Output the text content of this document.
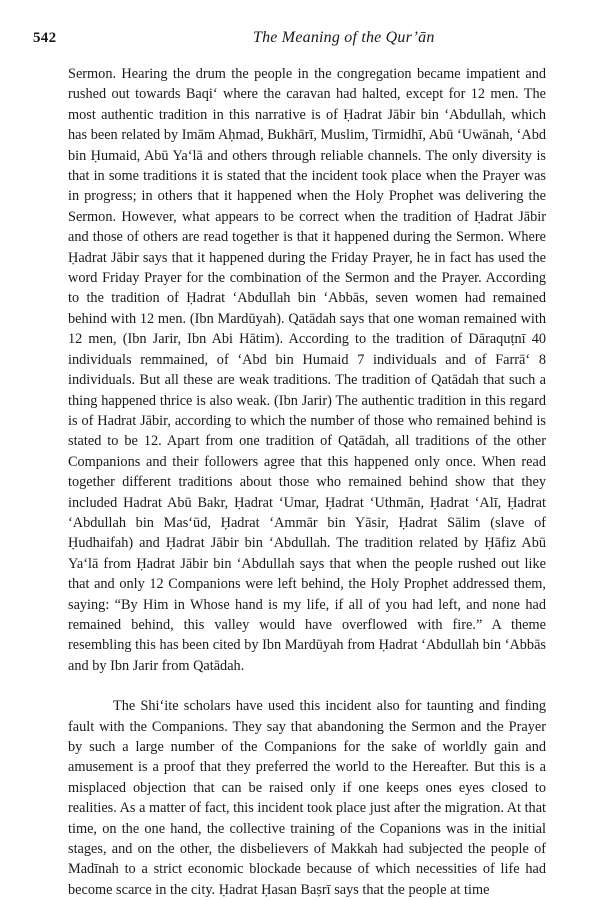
542	The Meaning of the Qur’ān

Sermon. Hearing the drum the people in the congregation became impatient and rushed out towards Baqi‘ where the caravan had halted, except for 12 men. The most authentic tradition in this narrative is of Ḥadrat Jābir bin ‘Abdullah, which has been related by Imām Aḥmad, Bukhārī, Muslim, Tirmidhī, Abū ‘Uwānah, ‘Abd bin Ḥumaid, Abū Ya‘lā and others through reliable channels. The only diversity is that in some traditions it is stated that the incident took place when the Prayer was in progress; in others that it happened when the Holy Prophet was delivering the Sermon. However, what appears to be correct when the tradition of Ḥadrat Jābir and those of others are read together is that it happened during the Sermon. Where Ḥadrat Jābir says that it happened during the Friday Prayer, he in fact has used the word Friday Prayer for the combination of the Sermon and the Prayer. According to the tradition of Ḥadrat ‘Abdullah bin ‘Abbās, seven women had remained behind with 12 men. (Ibn Mardūyah). Qatādah says that one woman remained with 12 men, (Ibn Jarir, Ibn Abi Hātim). According to the tradition of Dāraquṭnī 40 individuals remmained, of ‘Abd bin Humaid 7 individuals and of Farrā‘ 8 individuals. But all these are weak traditions. The tradition of Qatādah that such a thing happened thrice is also weak. (Ibn Jarir) The authentic tradition in this regard is of Hadrat Jābir, according to which the number of those who remained behind is stated to be 12. Apart from one tradition of Qatādah, all traditions of the other Companions and their followers agree that this happened only once. When read together different traditions about those who remained behind show that they included Hadrat Abū Bakr, Ḥadrat ‘Umar, Ḥadrat ‘Uthmān, Ḥadrat ‘Alī, Ḥadrat ‘Abdullah bin Mas‘ūd, Ḥadrat ‘Ammār bin Yāsir, Ḥadrat Sālim (slave of Ḥudhaifah) and Ḥadrat Jābir bin ‘Abdullah. The tradition related by Ḥāfiz Abū Ya‘lā from Ḥadrat Jābir bin ‘Abdullah says that when the people rushed out like that and only 12 Companions were left behind, the Holy Prophet addressed them, saying: “By Him in Whose hand is my life, if all of you had left, and none had remained behind, this valley would have overflowed with fire.” A theme resembling this has been cited by Ibn Mardūyah from Ḥadrat ‘Abdullah bin ‘Abbās and by Ibn Jarir from Qatādah.

The Shi‘ite scholars have used this incident also for taunting and finding fault with the Companions. They say that abandoning the Sermon and the Prayer by such a large number of the Companions for the sake of worldly gain and amusement is a proof that they preferred the world to the Hereafter. But this is a misplaced objection that can be raised only if one keeps ones eyes closed to realities. As a matter of fact, this incident took place just after the migration. At that time, on the one hand, the collective training of the Copanions was in the initial stages, and on the other, the disbelievers of Makkah had subjected the people of Madīnah to a strict economic blockade because of which necessities of life had become scarce in the city. Ḥadrat Ḥasan Baṣrī says that the people at time
